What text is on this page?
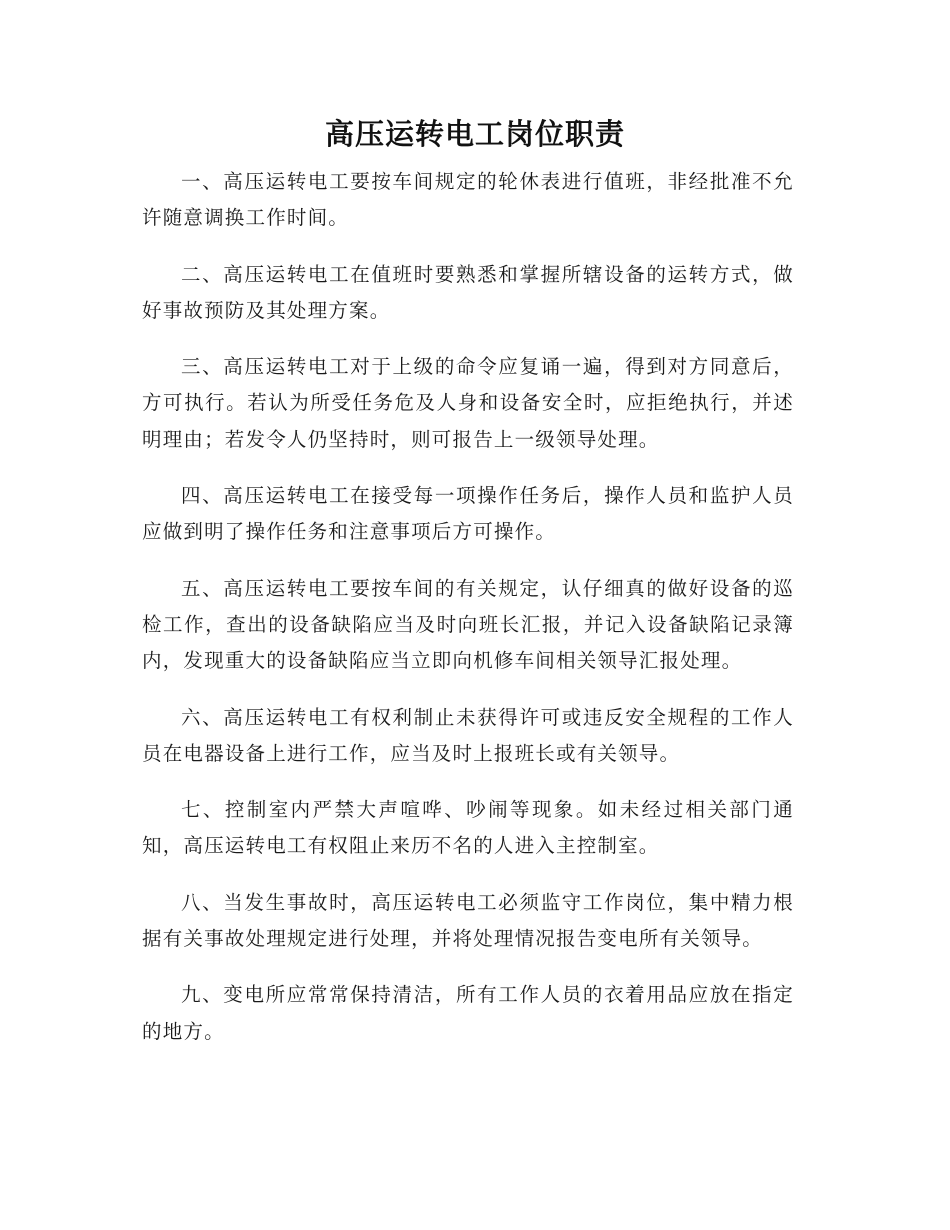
高压运转电工岗位职责

一、高压运转电工要按车间规定的轮休表进行值班，非经批准不允许随意调换工作时间。

二、高压运转电工在值班时要熟悉和掌握所辖设备的运转方式，做好事故预防及其处理方案。

三、高压运转电工对于上级的命令应复诵一遍，得到对方同意后，方可执行。若认为所受任务危及人身和设备安全时，应拒绝执行，并述明理由；若发令人仍坚持时，则可报告上一级领导处理。

四、高压运转电工在接受每一项操作任务后，操作人员和监护人员应做到明了操作任务和注意事项后方可操作。

五、高压运转电工要按车间的有关规定，认仔细真的做好设备的巡检工作，查出的设备缺陷应当及时向班长汇报，并记入设备缺陷记录簿内，发现重大的设备缺陷应当立即向机修车间相关领导汇报处理。

六、高压运转电工有权利制止未获得许可或违反安全规程的工作人员在电器设备上进行工作，应当及时上报班长或有关领导。

七、控制室内严禁大声喧哗、吵闹等现象。如未经过相关部门通知，高压运转电工有权阻止来历不名的人进入主控制室。

八、当发生事故时，高压运转电工必须监守工作岗位，集中精力根据有关事故处理规定进行处理，并将处理情况报告变电所有关领导。

九、变电所应常常保持清洁，所有工作人员的衣着用品应放在指定的地方。
